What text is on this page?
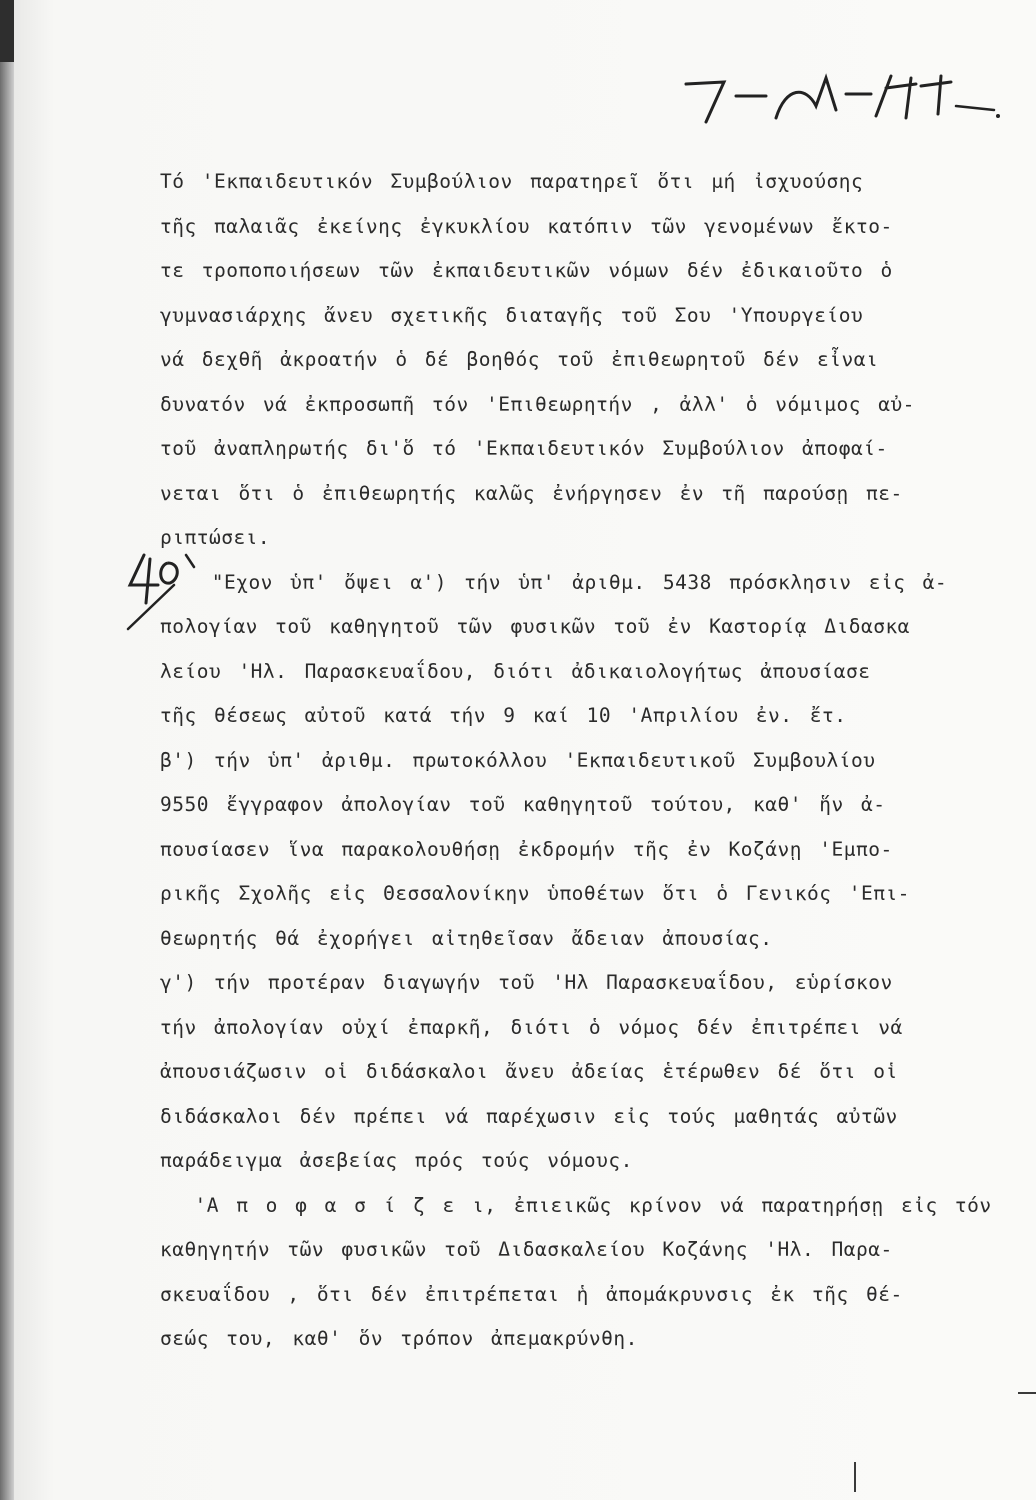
Τό 'Εκπαιδευτικόν Συμβούλιον παρατηρεῖ ὅτι μή ἰσχυούσης
τῆς παλαιᾶς ἐκείνης ἐγκυκλίου κατόπιν τῶν γενομένων ἔκτο-
τε τροποποιήσεων τῶν ἐκπαιδευτικῶν νόμων δέν ἐδικαιοῦτο ὁ
γυμνασιάρχης ἄνευ σχετικῆς διαταγῆς τοῦ Σου 'Υπουργείου
νά δεχθῆ ἀκροατήν ὁ δέ βοηθός τοῦ ἐπιθεωρητοῦ δέν εἶναι
δυνατόν νά ἐκπροσωπῆ τόν 'Επιθεωρητήν , ἀλλ' ὁ νόμιμος αὐ-
τοῦ ἀναπληρωτής δι'ὅ τό 'Εκπαιδευτικόν Συμβούλιον ἀποφαί-
νεται ὅτι ὁ ἐπιθεωρητής καλῶς ἐνήργησεν ἐν τῆ παρούσῃ πε-
ριπτώσει.
"Εχον ὑπ' ὄψει α') τήν ὑπ' ἀριθμ. 5438 πρόσκλησιν εἰς ἀ-
πολογίαν τοῦ καθηγητοῦ τῶν φυσικῶν τοῦ ἐν Καστορίᾳ Διδασκα
λείου 'Ηλ. Παρασκευαΐδου, διότι ἀδικαιολογήτως ἀπουσίασε
τῆς θέσεως αὐτοῦ κατά τήν 9 καί 10 'Απριλίου ἐν. ἔτ.
β') τήν ὑπ' ἀριθμ. πρωτοκόλλου 'Εκπαιδευτικοῦ Συμβουλίου
9550 ἔγγραφον ἀπολογίαν τοῦ καθηγητοῦ τούτου, καθ' ἥν ἀ-
πουσίασεν ἵνα παρακολουθήσῃ ἐκδρομήν τῆς ἐν Κοζάνῃ 'Εμπο-
ρικῆς Σχολῆς εἰς Θεσσαλονίκην ὑποθέτων ὅτι ὁ Γενικός 'Επι-
θεωρητής θά ἐχορήγει αἰτηθεῖσαν ἄδειαν ἀπουσίας.
γ') τήν προτέραν διαγωγήν τοῦ 'Ηλ Παρασκευαΐδου, εὑρίσκον
τήν ἀπολογίαν οὐχί ἐπαρκῆ, διότι ὁ νόμος δέν ἐπιτρέπει νά
ἀπουσιάζωσιν οἱ διδάσκαλοι ἄνευ ἀδείας ἑτέρωθεν δέ ὅτι οἱ
διδάσκαλοι δέν πρέπει νά παρέχωσιν εἰς τούς μαθητάς αὐτῶν
παράδειγμα ἀσεβείας πρός τούς νόμους.
'Α π ο φ α σ ί ζ ε ι, ἐπιεικῶς κρίνον νά παρατηρήσῃ εἰς τόν
καθηγητήν τῶν φυσικῶν τοῦ Διδασκαλείου Κοζάνης 'Ηλ. Παρα-
σκευαΐδου , ὅτι δέν ἐπιτρέπεται ἡ ἀπομάκρυνσις ἐκ τῆς θέ-
σεώς του, καθ' ὅν τρόπον ἀπεμακρύνθη.
